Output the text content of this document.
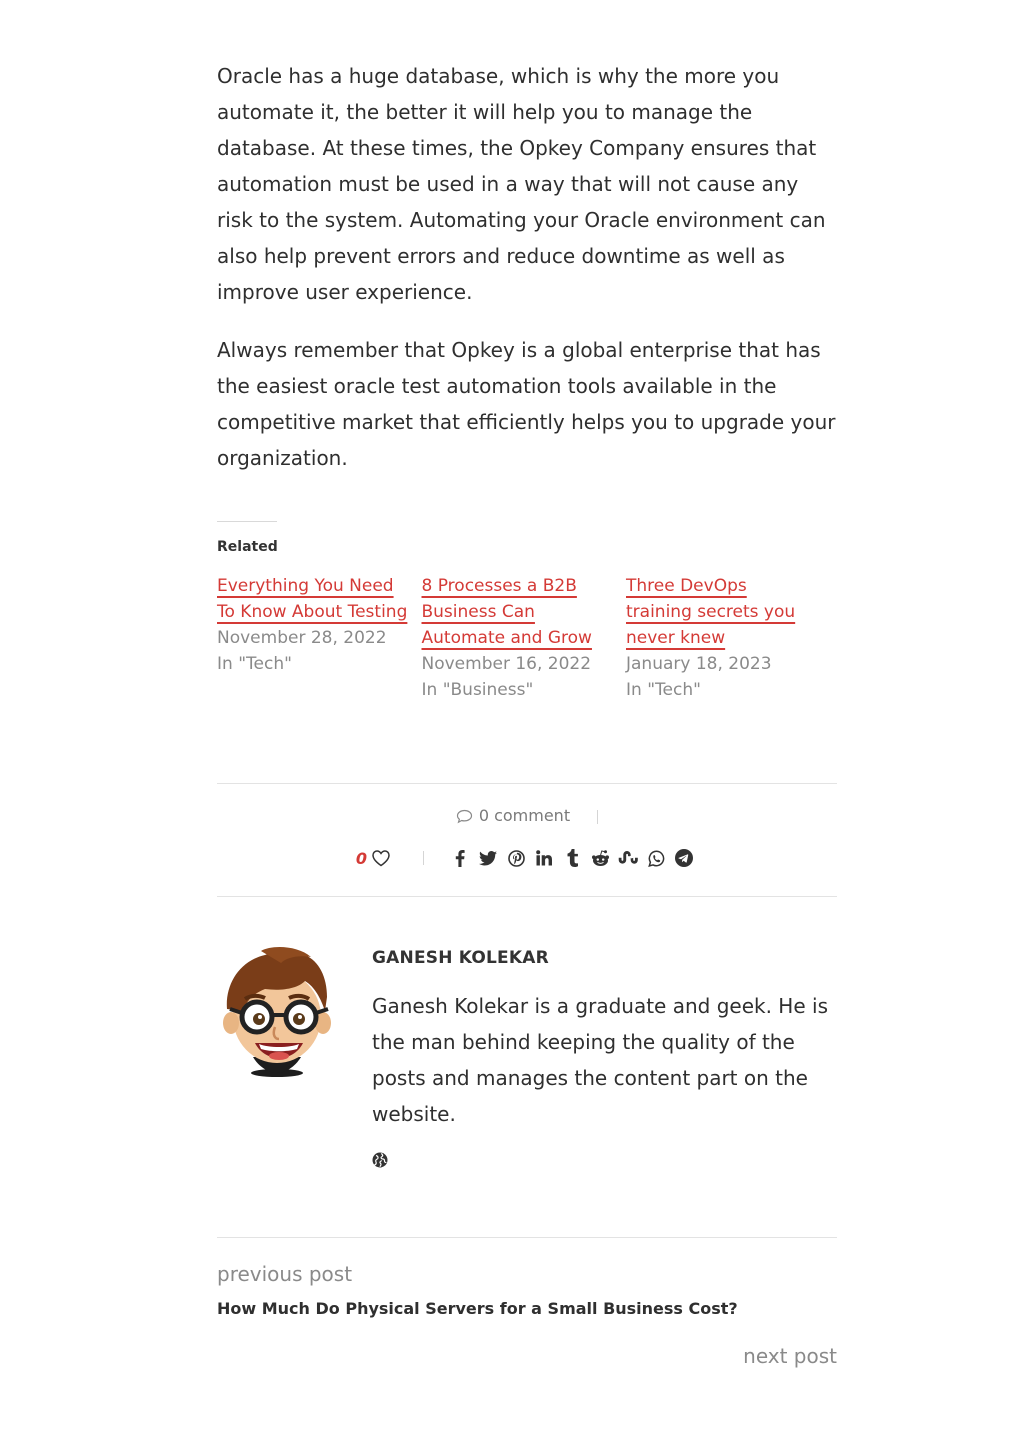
Oracle has a huge database, which is why the more you automate it, the better it will help you to manage the database. At these times, the Opkey Company ensures that automation must be used in a way that will not cause any risk to the system. Automating your Oracle environment can also help prevent errors and reduce downtime as well as improve user experience.

Always remember that Opkey is a global enterprise that has the easiest oracle test automation tools available in the competitive market that efficiently helps you to upgrade your organization.

Related
Everything You Need To Know About Testing
November 28, 2022
In "Tech"
8 Processes a B2B Business Can Automate and Grow
November 16, 2022
In "Business"
Three DevOps training secrets you never knew
January 18, 2023
In "Tech"
0 comment
0
GANESH KOLEKAR
Ganesh Kolekar is a graduate and geek. He is the man behind keeping the quality of the posts and manages the content part on the website.
previous post
How Much Do Physical Servers for a Small Business Cost?
next post
